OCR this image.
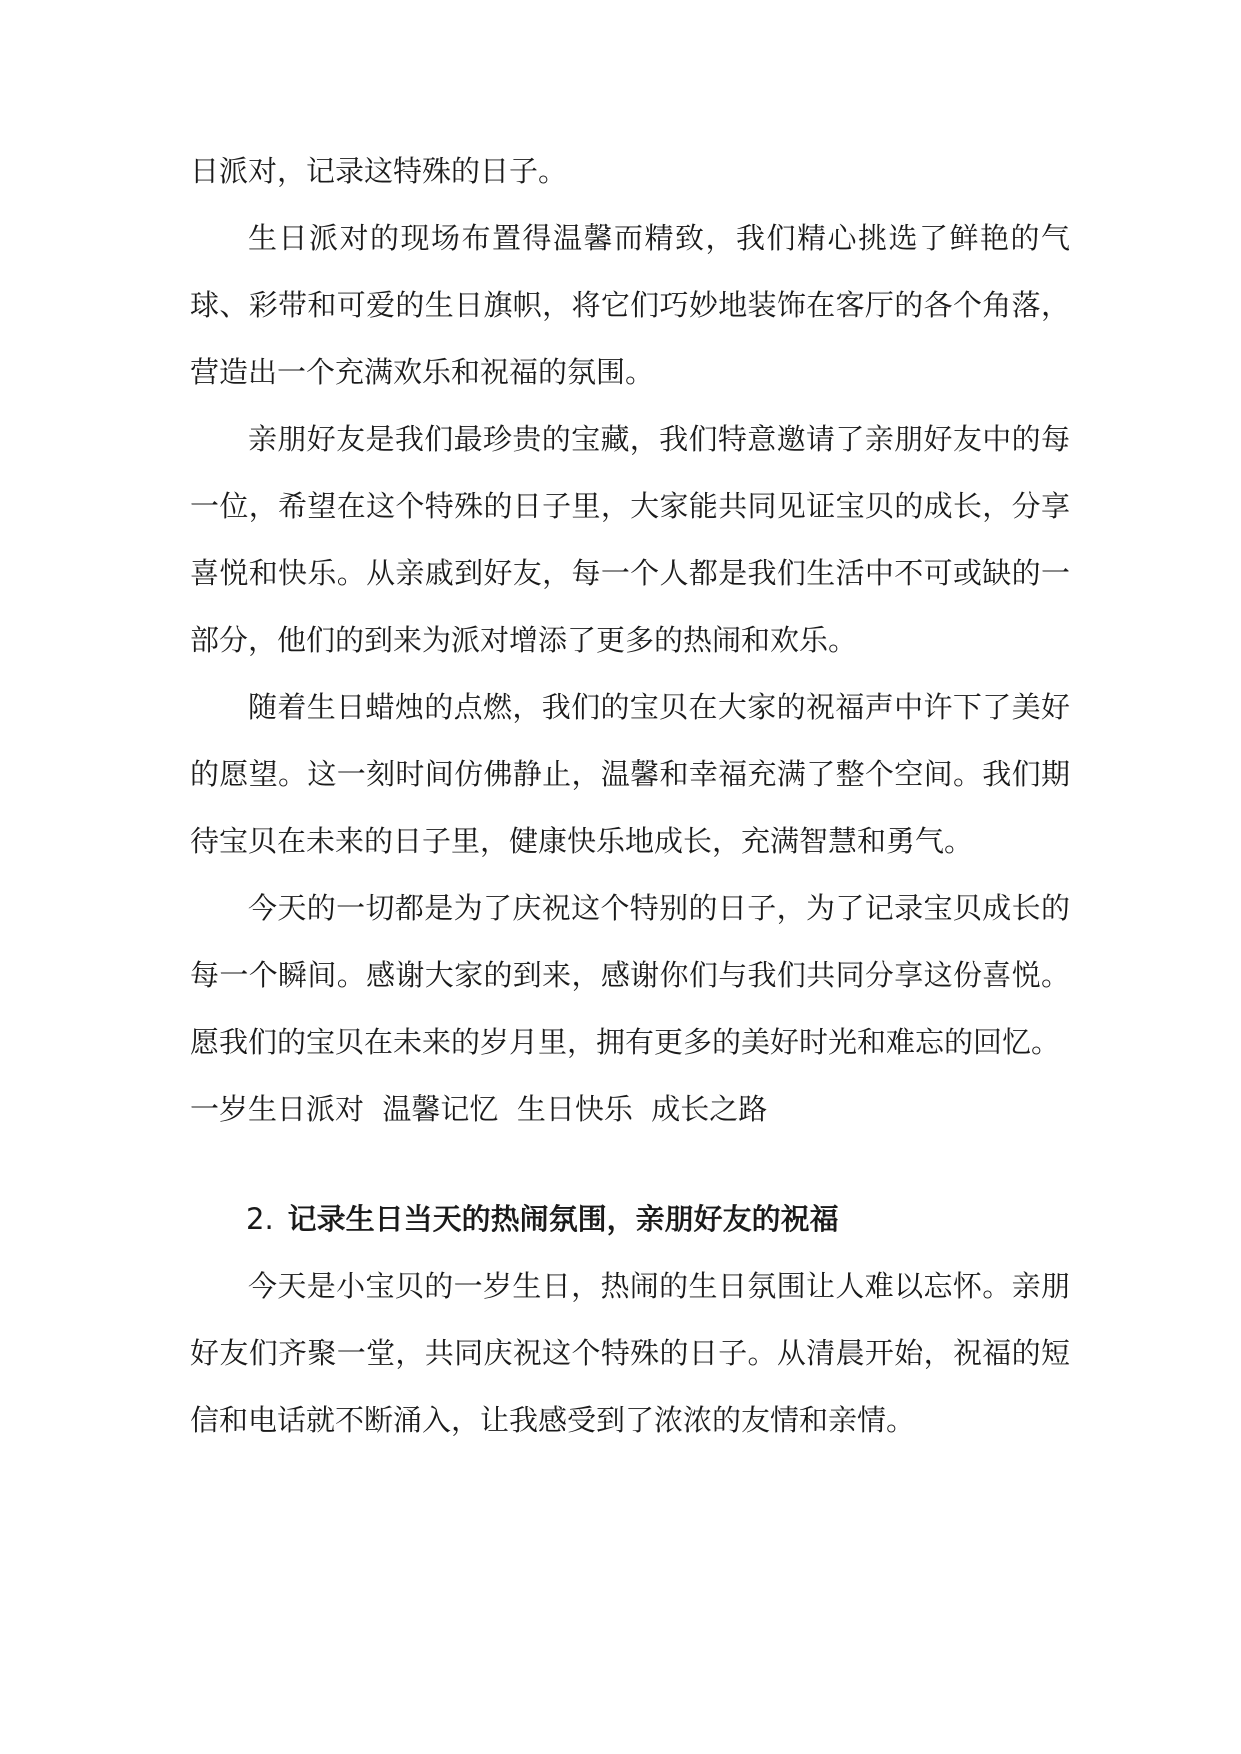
日派对，记录这特殊的日子。

生日派对的现场布置得温馨而精致，我们精心挑选了鲜艳的气球、彩带和可爱的生日旗帜，将它们巧妙地装饰在客厅的各个角落，营造出一个充满欢乐和祝福的氛围。

亲朋好友是我们最珍贵的宝藏，我们特意邀请了亲朋好友中的每一位，希望在这个特殊的日子里，大家能共同见证宝贝的成长，分享喜悦和快乐。从亲戚到好友，每一个人都是我们生活中不可或缺的一部分，他们的到来为派对增添了更多的热闹和欢乐。

随着生日蜡烛的点燃，我们的宝贝在大家的祝福声中许下了美好的愿望。这一刻时间仿佛静止，温馨和幸福充满了整个空间。我们期待宝贝在未来的日子里，健康快乐地成长，充满智慧和勇气。

今天的一切都是为了庆祝这个特别的日子，为了记录宝贝成长的每一个瞬间。感谢大家的到来，感谢你们与我们共同分享这份喜悦。愿我们的宝贝在未来的岁月里，拥有更多的美好时光和难忘的回忆。

一岁生日派对  温馨记忆  生日快乐  成长之路

2. 记录生日当天的热闹氛围，亲朋好友的祝福

今天是小宝贝的一岁生日，热闹的生日氛围让人难以忘怀。亲朋好友们齐聚一堂，共同庆祝这个特殊的日子。从清晨开始，祝福的短信和电话就不断涌入，让我感受到了浓浓的友情和亲情。
